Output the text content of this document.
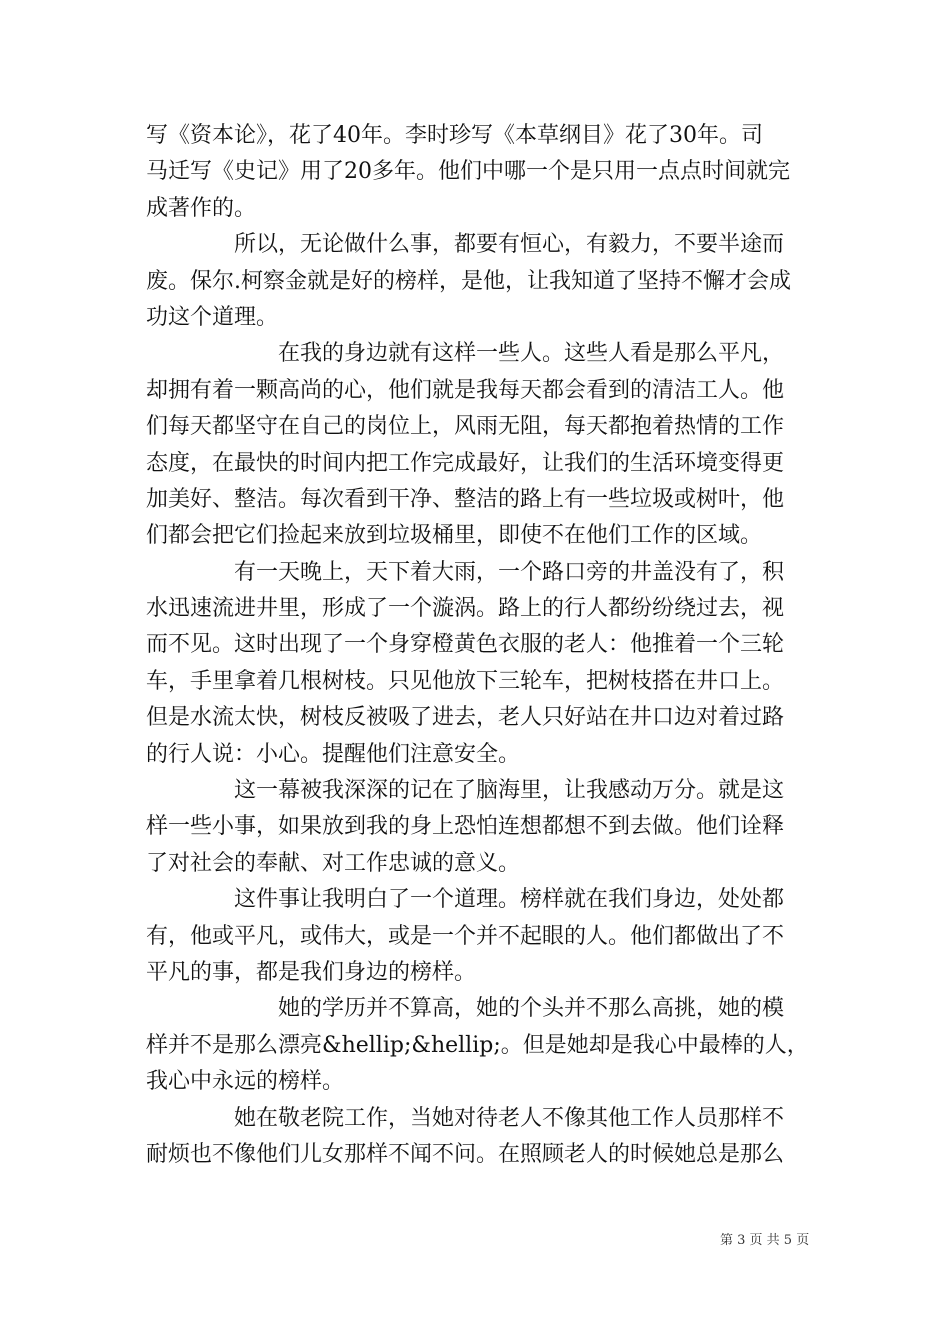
写《资本论》，花了40年。李时珍写《本草纲目》花了30年。司
马迁写《史记》用了20多年。他们中哪一个是只用一点点时间就完
成著作的。
　　　　所以，无论做什么事，都要有恒心，有毅力，不要半途而
废。保尔.柯察金就是好的榜样，是他，让我知道了坚持不懈才会成
功这个道理。
　　　　　　在我的身边就有这样一些人。这些人看是那么平凡，
却拥有着一颗高尚的心，他们就是我每天都会看到的清洁工人。他
们每天都坚守在自己的岗位上，风雨无阻，每天都抱着热情的工作
态度，在最快的时间内把工作完成最好，让我们的生活环境变得更
加美好、整洁。每次看到干净、整洁的路上有一些垃圾或树叶，他
们都会把它们捡起来放到垃圾桶里，即使不在他们工作的区域。
　　　　有一天晚上，天下着大雨，一个路口旁的井盖没有了，积
水迅速流进井里，形成了一个漩涡。路上的行人都纷纷绕过去，视
而不见。这时出现了一个身穿橙黄色衣服的老人：他推着一个三轮
车，手里拿着几根树枝。只见他放下三轮车，把树枝搭在井口上。
但是水流太快，树枝反被吸了进去，老人只好站在井口边对着过路
的行人说：小心。提醒他们注意安全。
　　　　这一幕被我深深的记在了脑海里，让我感动万分。就是这
样一些小事，如果放到我的身上恐怕连想都想不到去做。他们诠释
了对社会的奉献、对工作忠诚的意义。
　　　　这件事让我明白了一个道理。榜样就在我们身边，处处都
有，他或平凡，或伟大，或是一个并不起眼的人。他们都做出了不
平凡的事，都是我们身边的榜样。
　　　　　　她的学历并不算高，她的个头并不那么高挑，她的模
样并不是那么漂亮&hellip;&hellip;。但是她却是我心中最棒的人，
我心中永远的榜样。
　　　　她在敬老院工作，当她对待老人不像其他工作人员那样不
耐烦也不像他们儿女那样不闻不问。在照顾老人的时候她总是那么
第 3 页 共 5 页
